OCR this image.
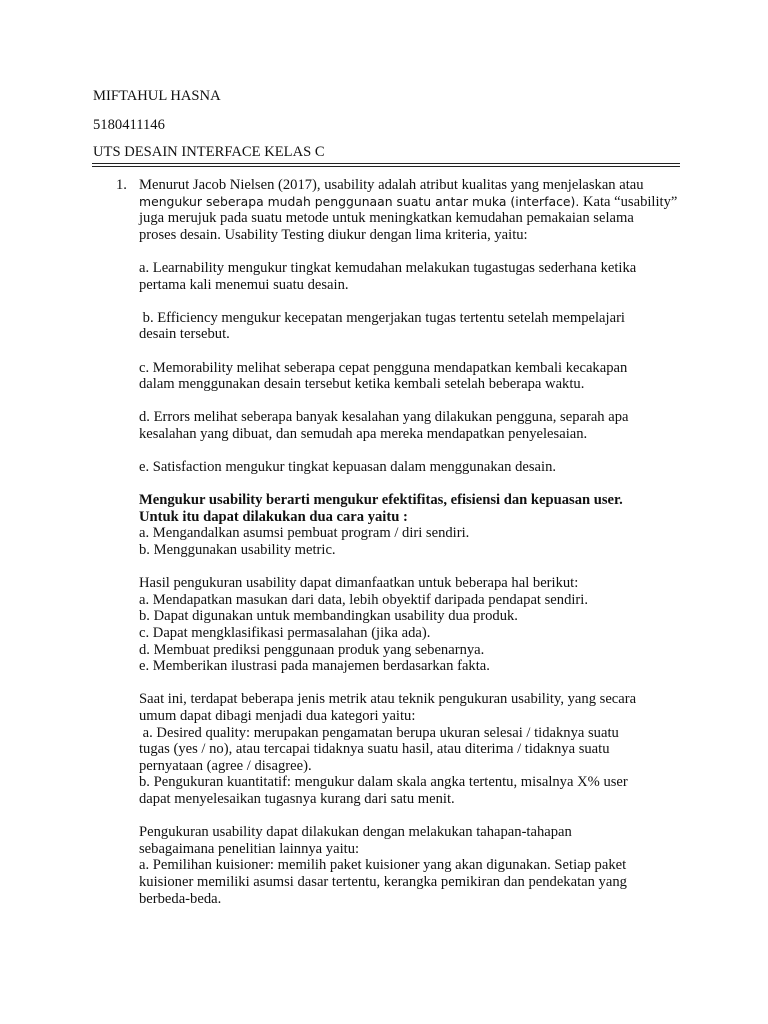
MIFTAHUL HASNA

5180411146

UTS DESAIN INTERFACE KELAS C

1. Menurut Jacob Nielsen (2017), usability adalah atribut kualitas yang menjelaskan atau

mengukur seberapa mudah penggunaan suatu antar muka (interface). Kata “usability”

juga merujuk pada suatu metode untuk meningkatkan kemudahan pemakaian selama

proses desain. Usability Testing diukur dengan lima kriteria, yaitu:

a. Learnability mengukur tingkat kemudahan melakukan tugastugas sederhana ketika

pertama kali menemui suatu desain.

b. Efficiency mengukur kecepatan mengerjakan tugas tertentu setelah mempelajari

desain tersebut.

c. Memorability melihat seberapa cepat pengguna mendapatkan kembali kecakapan

dalam menggunakan desain tersebut ketika kembali setelah beberapa waktu.

d. Errors melihat seberapa banyak kesalahan yang dilakukan pengguna, separah apa

kesalahan yang dibuat, dan semudah apa mereka mendapatkan penyelesaian.

e. Satisfaction mengukur tingkat kepuasan dalam menggunakan desain.

Mengukur usability berarti mengukur efektifitas, efisiensi dan kepuasan user.

Untuk itu dapat dilakukan dua cara yaitu :

a. Mengandalkan asumsi pembuat program / diri sendiri.

b. Menggunakan usability metric.

Hasil pengukuran usability dapat dimanfaatkan untuk beberapa hal berikut:

a. Mendapatkan masukan dari data, lebih obyektif daripada pendapat sendiri.

b. Dapat digunakan untuk membandingkan usability dua produk.

c. Dapat mengklasifikasi permasalahan (jika ada).

d. Membuat prediksi penggunaan produk yang sebenarnya.

e. Memberikan ilustrasi pada manajemen berdasarkan fakta.

Saat ini, terdapat beberapa jenis metrik atau teknik pengukuran usability, yang secara

umum dapat dibagi menjadi dua kategori yaitu:

a. Desired quality: merupakan pengamatan berupa ukuran selesai / tidaknya suatu

tugas (yes / no), atau tercapai tidaknya suatu hasil, atau diterima / tidaknya suatu

pernyataan (agree / disagree).

b. Pengukuran kuantitatif: mengukur dalam skala angka tertentu, misalnya X% user

dapat menyelesaikan tugasnya kurang dari satu menit.

Pengukuran usability dapat dilakukan dengan melakukan tahapan-tahapan

sebagaimana penelitian lainnya yaitu:

a. Pemilihan kuisioner: memilih paket kuisioner yang akan digunakan. Setiap paket

kuisioner memiliki asumsi dasar tertentu, kerangka pemikiran dan pendekatan yang

berbeda-beda.
